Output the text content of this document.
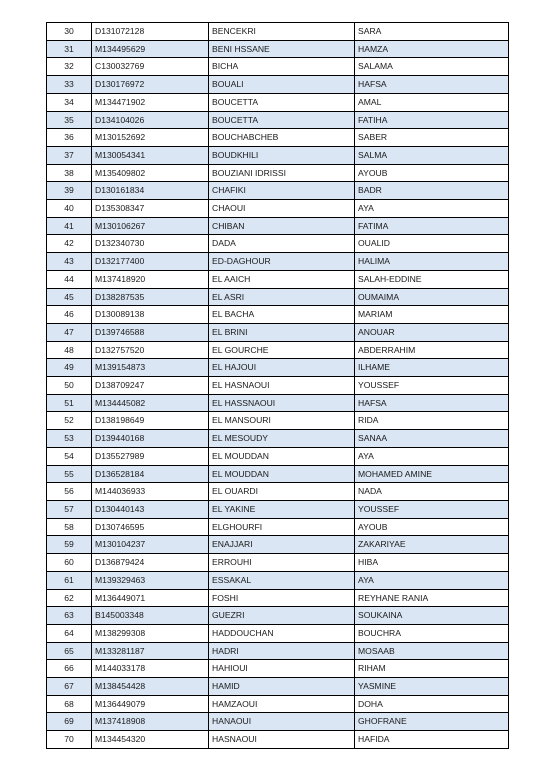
30	D131072128	BENCEKRI	SARA
31	M134495629	BENI HSSANE	HAMZA
32	C130032769	BICHA	SALAMA
33	D130176972	BOUALI	HAFSA
34	M134471902	BOUCETTA	AMAL
35	D134104026	BOUCETTA	FATIHA
36	M130152692	BOUCHABCHEB	SABER
37	M130054341	BOUDKHILI	SALMA
38	M135409802	BOUZIANI IDRISSI	AYOUB
39	D130161834	CHAFIKI	BADR
40	D135308347	CHAOUI	AYA
41	M130106267	CHIBAN	FATIMA
42	D132340730	DADA	OUALID
43	D132177400	ED-DAGHOUR	HALIMA
44	M137418920	EL AAICH	SALAH-EDDINE
45	D138287535	EL ASRI	OUMAIMA
46	D130089138	EL BACHA	MARIAM
47	D139746588	EL BRINI	ANOUAR
48	D132757520	EL GOURCHE	ABDERRAHIM
49	M139154873	EL HAJOUI	ILHAME
50	D138709247	EL HASNAOUI	YOUSSEF
51	M134445082	EL HASSNAOUI	HAFSA
52	D138198649	EL MANSOURI	RIDA
53	D139440168	EL MESOUDY	SANAA
54	D135527989	EL MOUDDAN	AYA
55	D136528184	EL MOUDDAN	MOHAMED AMINE
56	M144036933	EL OUARDI	NADA
57	D130440143	EL YAKINE	YOUSSEF
58	D130746595	ELGHOURFI	AYOUB
59	M130104237	ENAJJARI	ZAKARIYAE
60	D136879424	ERROUHI	HIBA
61	M139329463	ESSAKAL	AYA
62	M136449071	FOSHI	REYHANE RANIA
63	B145003348	GUEZRI	SOUKAINA
64	M138299308	HADDOUCHAN	BOUCHRA
65	M133281187	HADRI	MOSAAB
66	M144033178	HAHIOUI	RIHAM
67	M138454428	HAMID	YASMINE
68	M136449079	HAMZAOUI	DOHA
69	M137418908	HANAOUI	GHOFRANE
70	M134454320	HASNAOUI	HAFIDA
